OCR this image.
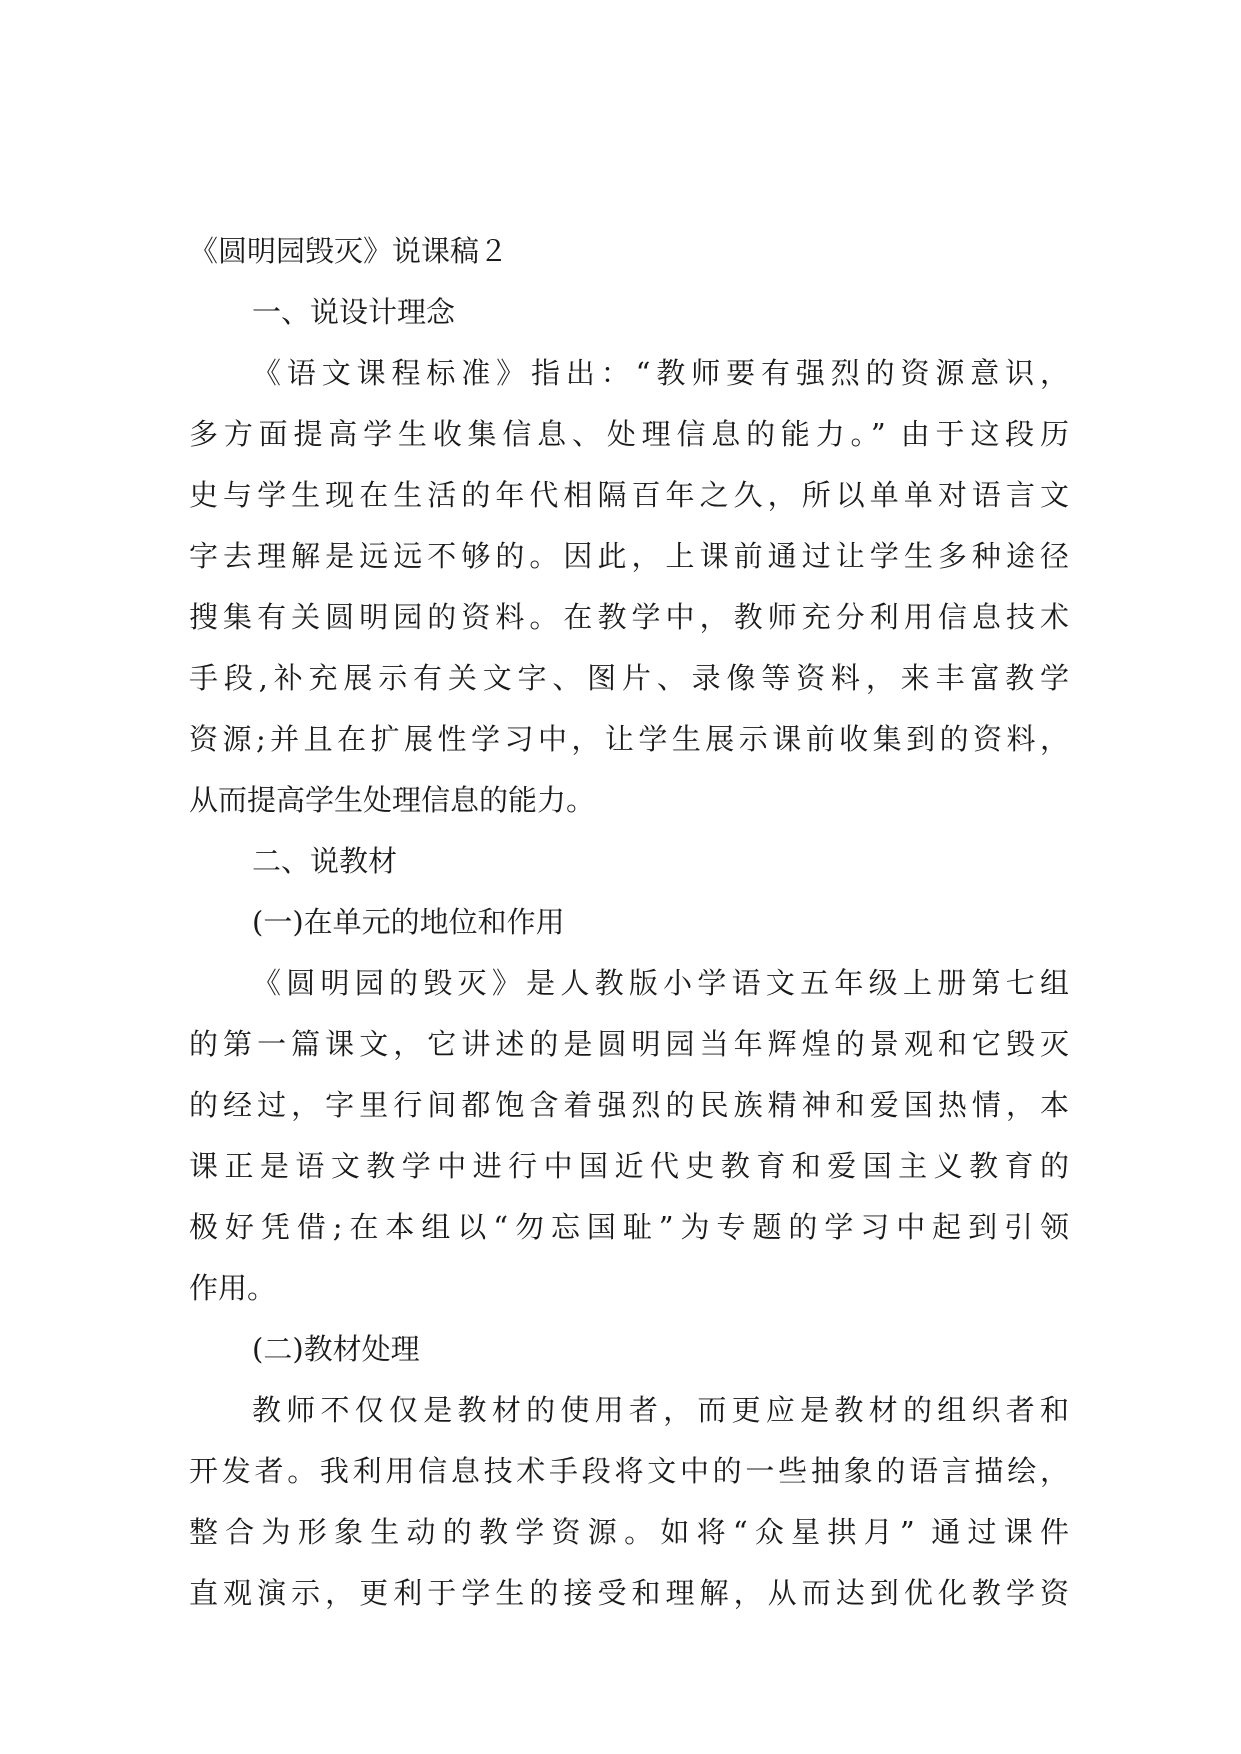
《圆明园毁灭》说课稿２
一、说设计理念
《语文课程标准》指出：“教师要有强烈的资源意识，
多方面提高学生收集信息、处理信息的能力。” 由于这段历
史与学生现在生活的年代相隔百年之久，所以单单对语言文
字去理解是远远不够的。因此，上课前通过让学生多种途径
搜集有关圆明园的资料。在教学中，教师充分利用信息技术
手段,补充展示有关文字、图片、录像等资料，来丰富教学
资源;并且在扩展性学习中，让学生展示课前收集到的资料，
从而提高学生处理信息的能力。
二、说教材
(一)在单元的地位和作用
《圆明园的毁灭》是人教版小学语文五年级上册第七组
的第一篇课文，它讲述的是圆明园当年辉煌的景观和它毁灭
的经过，字里行间都饱含着强烈的民族精神和爱国热情，本
课正是语文教学中进行中国近代史教育和爱国主义教育的
极好凭借;在本组以“勿忘国耻”为专题的学习中起到引领
作用。
(二)教材处理
教师不仅仅是教材的使用者，而更应是教材的组织者和
开发者。我利用信息技术手段将文中的一些抽象的语言描绘，
整合为形象生动的教学资源。如将“众星拱月” 通过课件
直观演示，更利于学生的接受和理解，从而达到优化教学资
